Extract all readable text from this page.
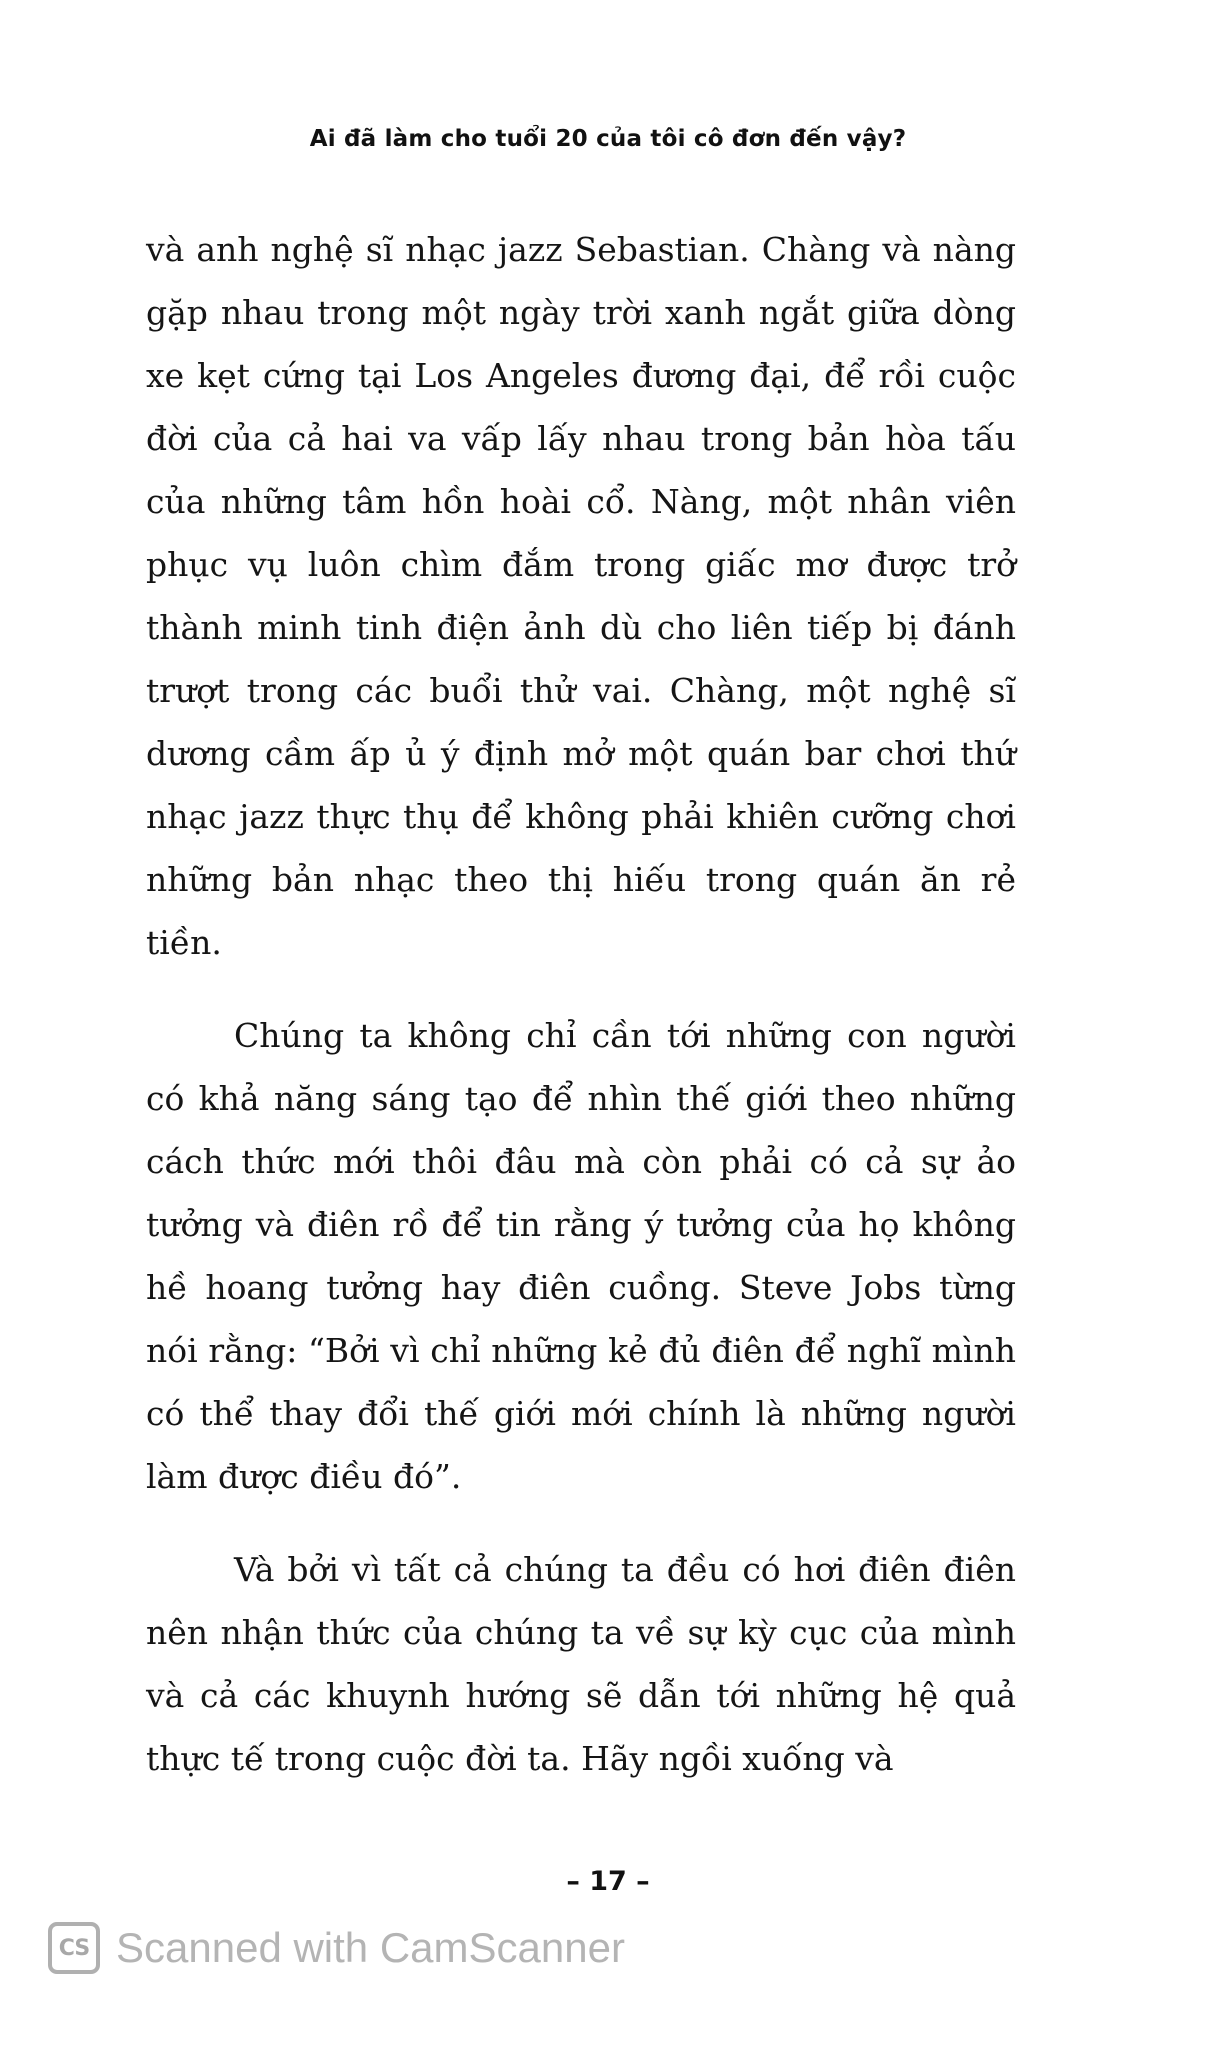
Ai đã làm cho tuổi 20 của tôi cô đơn đến vậy?

và anh nghệ sĩ nhạc jazz Sebastian. Chàng và nàng gặp nhau trong một ngày trời xanh ngắt giữa dòng xe kẹt cứng tại Los Angeles đương đại, để rồi cuộc đời của cả hai va vấp lấy nhau trong bản hòa tấu của những tâm hồn hoài cổ. Nàng, một nhân viên phục vụ luôn chìm đắm trong giấc mơ được trở thành minh tinh điện ảnh dù cho liên tiếp bị đánh trượt trong các buổi thử vai. Chàng, một nghệ sĩ dương cầm ấp ủ ý định mở một quán bar chơi thứ nhạc jazz thực thụ để không phải khiên cưỡng chơi những bản nhạc theo thị hiếu trong quán ăn rẻ tiền.

Chúng ta không chỉ cần tới những con người có khả năng sáng tạo để nhìn thế giới theo những cách thức mới thôi đâu mà còn phải có cả sự ảo tưởng và điên rồ để tin rằng ý tưởng của họ không hề hoang tưởng hay điên cuồng. Steve Jobs từng nói rằng: “Bởi vì chỉ những kẻ đủ điên để nghĩ mình có thể thay đổi thế giới mới chính là những người làm được điều đó”.

Và bởi vì tất cả chúng ta đều có hơi điên điên nên nhận thức của chúng ta về sự kỳ cục của mình và cả các khuynh hướng sẽ dẫn tới những hệ quả thực tế trong cuộc đời ta. Hãy ngồi xuống và

– 17 –
CS Scanned with CamScanner
